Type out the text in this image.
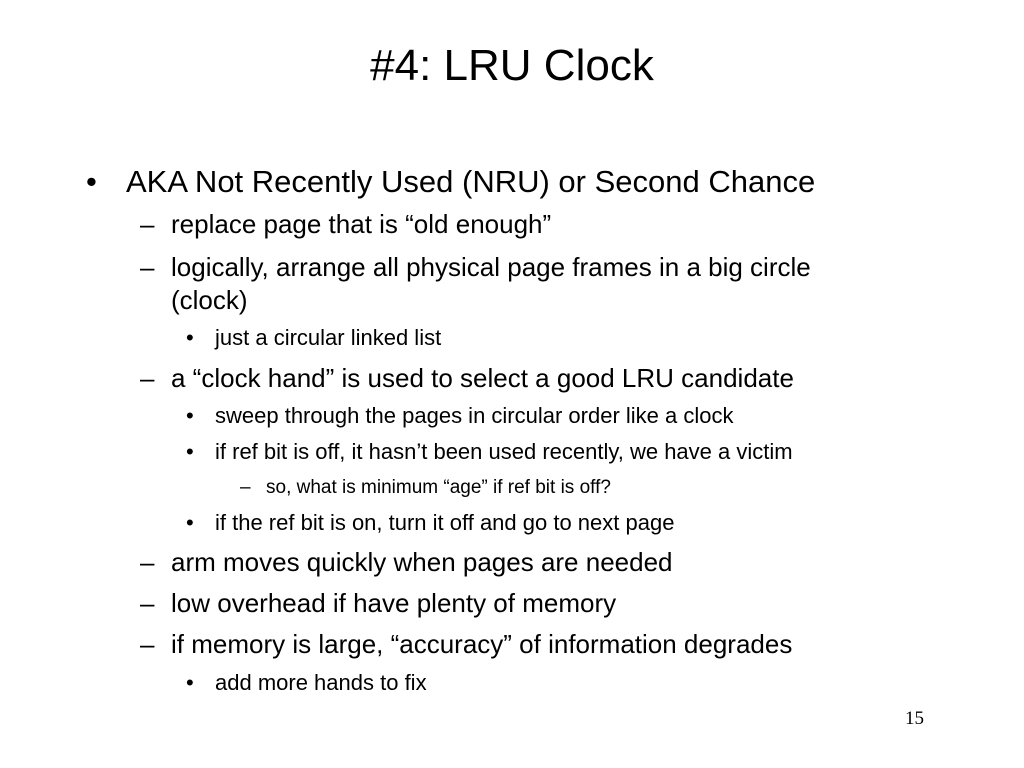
#4: LRU Clock
• AKA Not Recently Used (NRU) or Second Chance
– replace page that is “old enough”
– logically, arrange all physical page frames in a big circle
(clock)
• just a circular linked list
– a “clock hand” is used to select a good LRU candidate
• sweep through the pages in circular order like a clock
• if ref bit is off, it hasn’t been used recently, we have a victim
– so, what is minimum “age” if ref bit is off?
• if the ref bit is on, turn it off and go to next page
– arm moves quickly when pages are needed
– low overhead if have plenty of memory
– if memory is large, “accuracy” of information degrades
• add more hands to fix
15
